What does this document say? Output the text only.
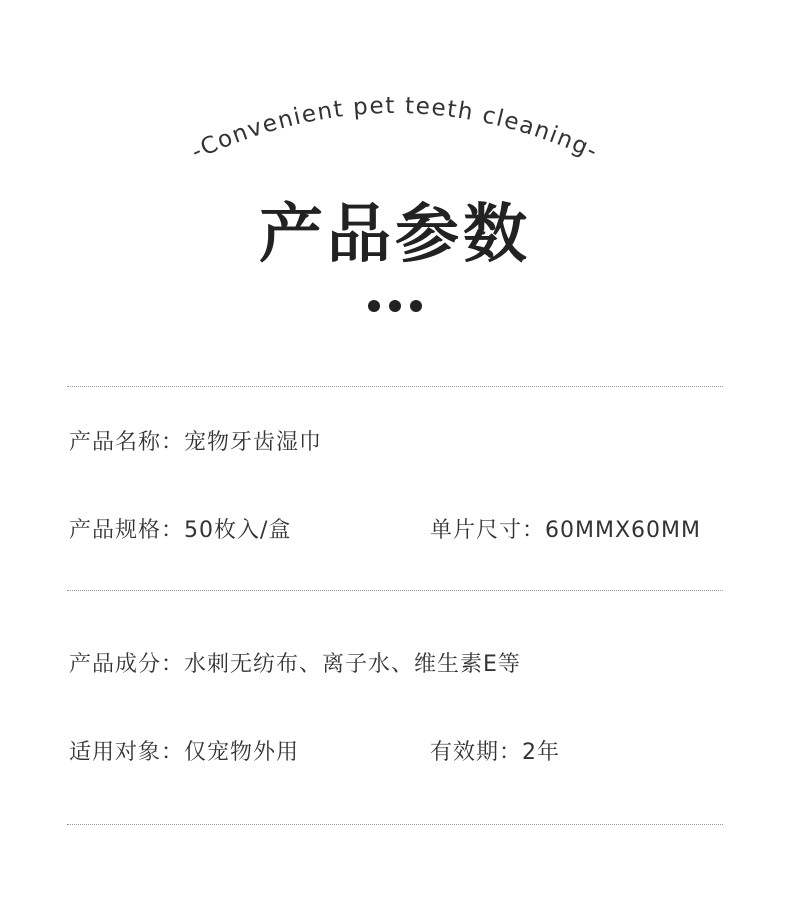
-Convenient pet teeth cleaning-
产品参数

产品名称：宠物牙齿湿巾
产品规格：50枚入/盒	单片尺寸：60MMX60MM
产品成分：水刺无纺布、离子水、维生素E等
适用对象：仅宠物外用	有效期：2年
